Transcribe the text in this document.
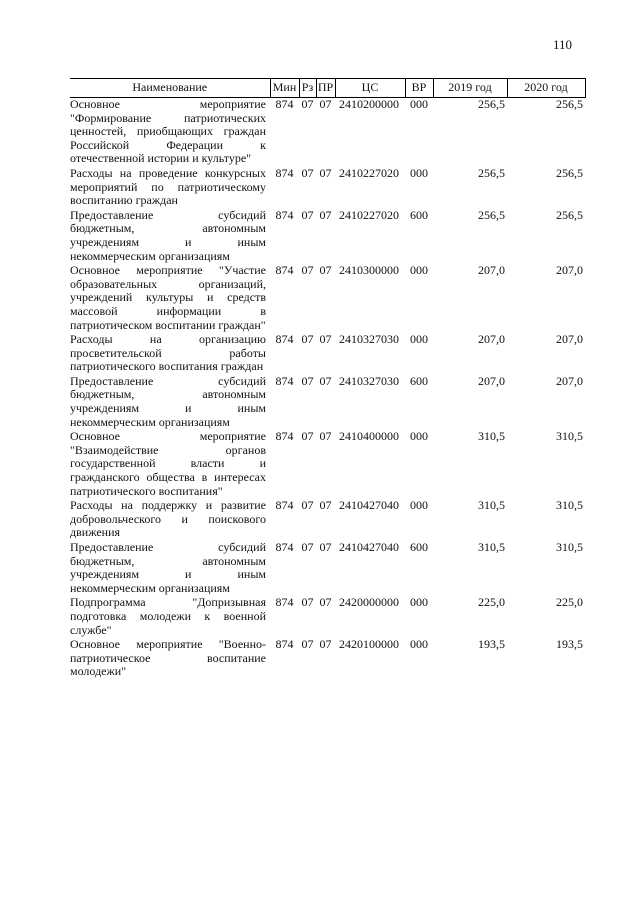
110
Наименование	Мин	Рз	ПР	ЦС	ВР	2019 год	2020 год
Основное мероприятие "Формирование патриотических ценностей, приобщающих граждан Российской Федерации к отечественной истории и культуре"	874	07	07	2410200000	000	256,5	256,5
Расходы на проведение конкурсных мероприятий по патриотическому воспитанию граждан	874	07	07	2410227020	000	256,5	256,5
Предоставление субсидий бюджетным, автономным учреждениям и иным некоммерческим организациям	874	07	07	2410227020	600	256,5	256,5
Основное мероприятие "Участие образовательных организаций, учреждений культуры и средств массовой информации в патриотическом воспитании граждан"	874	07	07	2410300000	000	207,0	207,0
Расходы на организацию просветительской работы патриотического воспитания граждан	874	07	07	2410327030	000	207,0	207,0
Предоставление субсидий бюджетным, автономным учреждениям и иным некоммерческим организациям	874	07	07	2410327030	600	207,0	207,0
Основное мероприятие "Взаимодействие органов государственной власти и гражданского общества в интересах патриотического воспитания"	874	07	07	2410400000	000	310,5	310,5
Расходы на поддержку и развитие добровольческого и поискового движения	874	07	07	2410427040	000	310,5	310,5
Предоставление субсидий бюджетным, автономным учреждениям и иным некоммерческим организациям	874	07	07	2410427040	600	310,5	310,5
Подпрограмма "Допризывная подготовка молодежи к военной службе"	874	07	07	2420000000	000	225,0	225,0
Основное мероприятие "Военно-патриотическое воспитание молодежи"	874	07	07	2420100000	000	193,5	193,5
